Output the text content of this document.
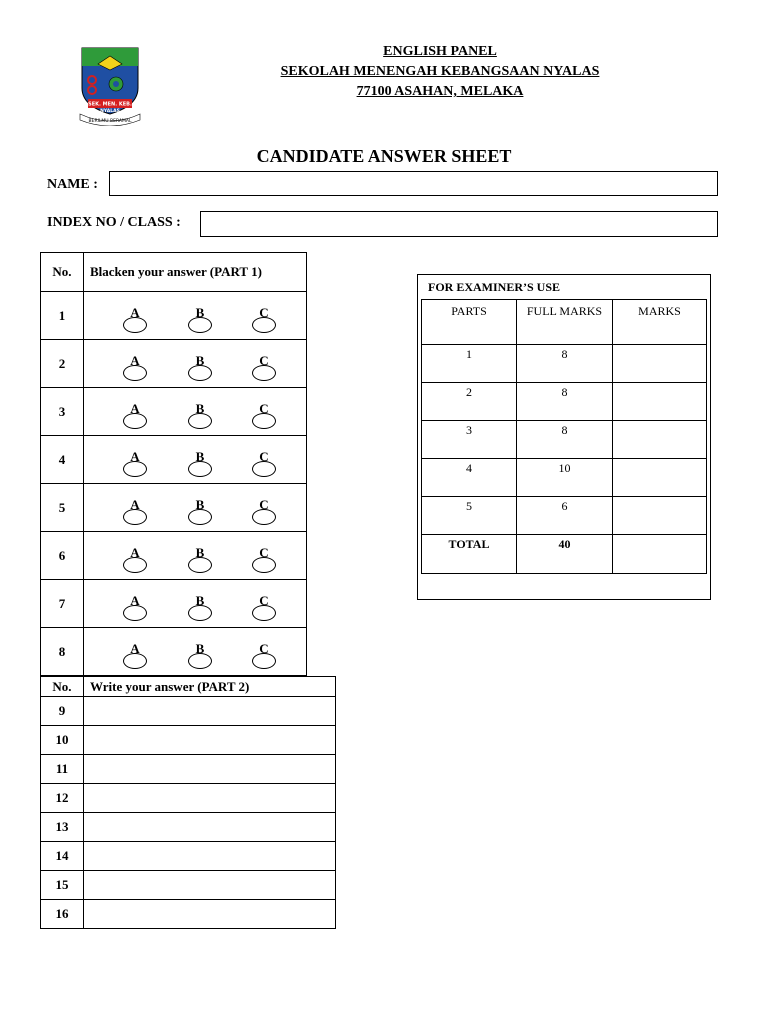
SEK. MEN. KEB.
NYALAS
BERILMU BERAMAL
ENGLISH PANEL
SEKOLAH MENENGAH KEBANGSAAN NYALAS
77100 ASAHAN, MELAKA
CANDIDATE ANSWER SHEET
NAME :
INDEX NO / CLASS :
No.	Blacken your answer (PART 1)
1	A B C

2	A B C

3	A B C

4	A B C

5	A B C

6	A B C

7	A B C

8	A B C
No.	Write your answer (PART 2)
9	
10	
11	
12	
13	
14	
15	
16	
FOR EXAMINER’S USE
PARTS	FULL MARKS	MARKS
1	8	
2	8	
3	8	
4	10	
5	6	
TOTAL	40	
